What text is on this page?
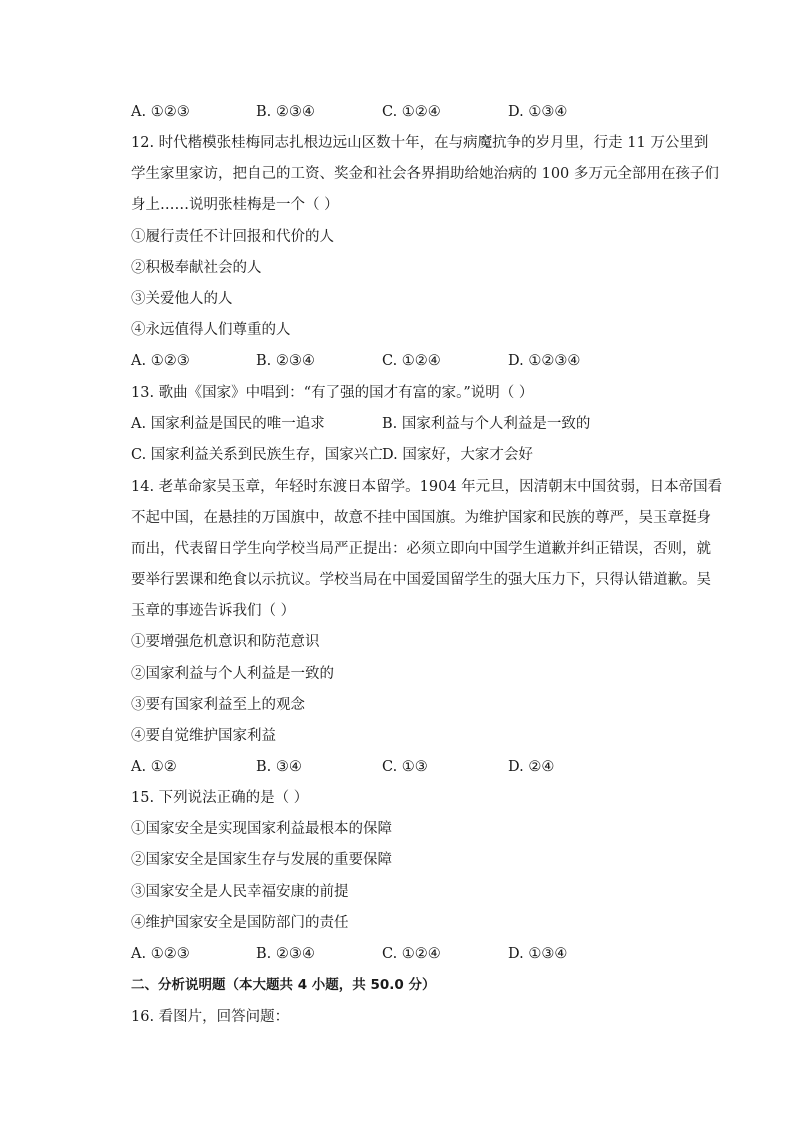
A. ①②③	B. ②③④	C. ①②④	D. ①③④
12. 时代楷模张桂梅同志扎根边远山区数十年，在与病魔抗争的岁月里，行走 11 万公里到
学生家里家访，把自己的工资、奖金和社会各界捐助给她治病的 100 多万元全部用在孩子们
身上……说明张桂梅是一个（ ）
①履行责任不计回报和代价的人
②积极奉献社会的人
③关爱他人的人
④永远值得人们尊重的人
A. ①②③	B. ②③④	C. ①②④	D. ①②③④
13. 歌曲《国家》中唱到：“有了强的国才有富的家。”说明（ ）
A. 国家利益是国民的唯一追求	B. 国家利益与个人利益是一致的
C. 国家利益关系到民族生存，国家兴亡 D. 国家好，大家才会好
14. 老革命家吴玉章，年轻时东渡日本留学。1904 年元旦，因清朝末中国贫弱，日本帝国看
不起中国，在悬挂的万国旗中，故意不挂中国国旗。为维护国家和民族的尊严，吴玉章挺身
而出，代表留日学生向学校当局严正提出：必须立即向中国学生道歉并纠正错误，否则，就
要举行罢课和绝食以示抗议。学校当局在中国爱国留学生的强大压力下，只得认错道歉。吴
玉章的事迹告诉我们（ ）
①要增强危机意识和防范意识
②国家利益与个人利益是一致的
③要有国家利益至上的观念
④要自觉维护国家利益
A. ①②	B. ③④	C. ①③	D. ②④
15. 下列说法正确的是（ ）
①国家安全是实现国家利益最根本的保障
②国家安全是国家生存与发展的重要保障
③国家安全是人民幸福安康的前提
④维护国家安全是国防部门的责任
A. ①②③	B. ②③④	C. ①②④	D. ①③④
二、分析说明题（本大题共 4 小题，共 50.0 分）
16. 看图片，回答问题：
